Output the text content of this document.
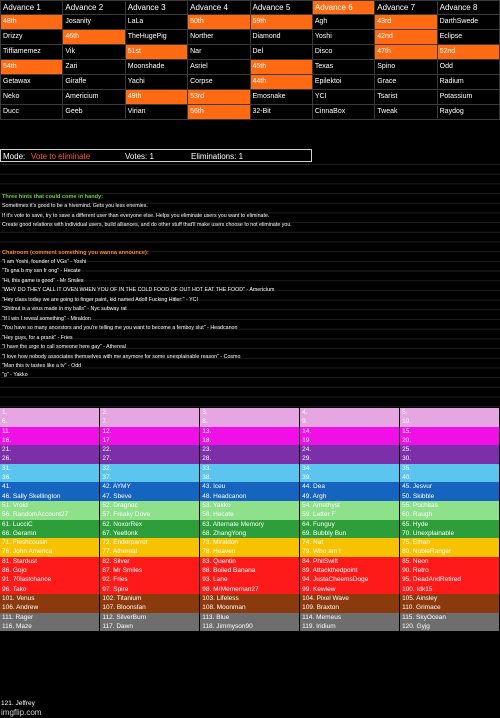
Advance 1	Advance 2	Advance 3	Advance 4	Advance 5	Advance 6	Advance 7	Advance 8
48th	Josanity	LaLa	50th	59th	Agh	43rd	DarthSwede
Drizzy	46th	TheHugePig	Norther	Diamond	Yoshi	42nd	Eclipse
Tiffiamemez	Vik	51st	Nar	Del	Disco	47th	52nd
54th	Zari	Moonshade	Asriel	45th	Texas	Spino	Odd
Getawax	Giraffe	Yachi	Corpse	44th	Epilektoi	Grace	Radium
Neko	Americium	49th	53rd	Emosnake	YCI	Tsarist	Potassium
Ducc	Geeb	Virian	56th	32-Bit	CinnaBox	Tweak	Raydog
Mode: Vote to eliminate	Votes: 1	Eliminations: 1
Three hints that could come in handy:
Sometimes it's good to be a hivemind. Gets you less enemies.
If it's vote to save, try to save a different user than everyone else. Helps you eliminate users you want to eliminate.
Create good relations with individual users, build alliances, and do other stuff that'll make users choose to not eliminate you.
Chatroom (comment something you wanna announce):
"I am Yoshi, founder of VGs" - Yoshi
"Ts gna b my ssn fr ong" - Hecate
"Hi, this game is good" - Mr Smiles
"WHY DO THEY CALL IT OVEN WHEN YOU OF IN THE COLD FOOD OF OUT HOT EAT THE FOOD" - Americium
"Hey class today we are going to finger paint, kid named Adolf Fucking Hitler:" - YCI
"Shitnut is a virus made in my balls" - Nyc subway rat
"If I win I reveal something" - Miraldon
"You have so many ancestors and you're telling me you want to become a femboy slut" - Headcanon
"Hey guys, for a prank" - Fries
"I have the urge to call someone here gay" - Athereal
"I love how nobody associates themselves with me anymore for some unexplainable reason" - Cosmo
"Man this tv tastes like a tv" - Odd
"g" - Yakko
1.	2.	3.	4.	5.
6.	7.	8.	9.	10.
11.	12.	13.	14.	15.
16.	17.	18.	19.	20.
21.	22.	23.	24.	25.
26.	27.	28.	29.	30.
31.	32.	33.	34.	35.
36.	37.	38.	39.	40.
41.	42. AYMY	43. Iceu	44. Dea	45. Jesvur
46. Sally Skellington	47. Sbeve	48. Headcanon	49. Argh	50. Skibble
51. Vroid	52. Dragnoc	53. Yakko	54. Amethyst	55. Pochitas
56. RandomAccount27	57. Freaky Dove	58. Hecate	59. Letter F	60. Raugh
61. LucciC	62. NoxorRex	63. Alternate Memory	64. Funguy	65. Hyde
66. Geramn	67. Yeetlonk	68. ZhangYong	69. Bubbly Bun	70. Unexplainable
71. Fleshcousin	72. Enderparrot	73. Miraldon	74. Nat	75. Ethan
76. John America	77. Athereal	78. Heaven	79. Who am I	80. NobleRanger
81. Stardust	82. Silver	83. Quentin	84. PhilSwift	85. Neon
86. Gojo	87. Mr Smiles	88. Boiled Banana	89. Attackthedpoint	90. Retro
91. 70lastchance	92. Fries	93. Lane	94. JustaCheemsDoge	95. DeadAndRetired
96. Tako	97. Spire	98. MrMememan27	99. Kewlew	100. Idk15
101. Venus	102. Titanium	103. Lifeless	104. Pixel Wave	105. Ainsley
106. Andrew	107. Bloonsfan	108. Moonman	109. Braxton	110. Grimace
111. Rager	112. SilverBurn	113. Blue	114. Memeus	115. SkyOcean
116. Maze	117. Dawn	118. Jimmyson90	119. Iridium	120. Gyjg
121. Jeffrey
imgflip.com
